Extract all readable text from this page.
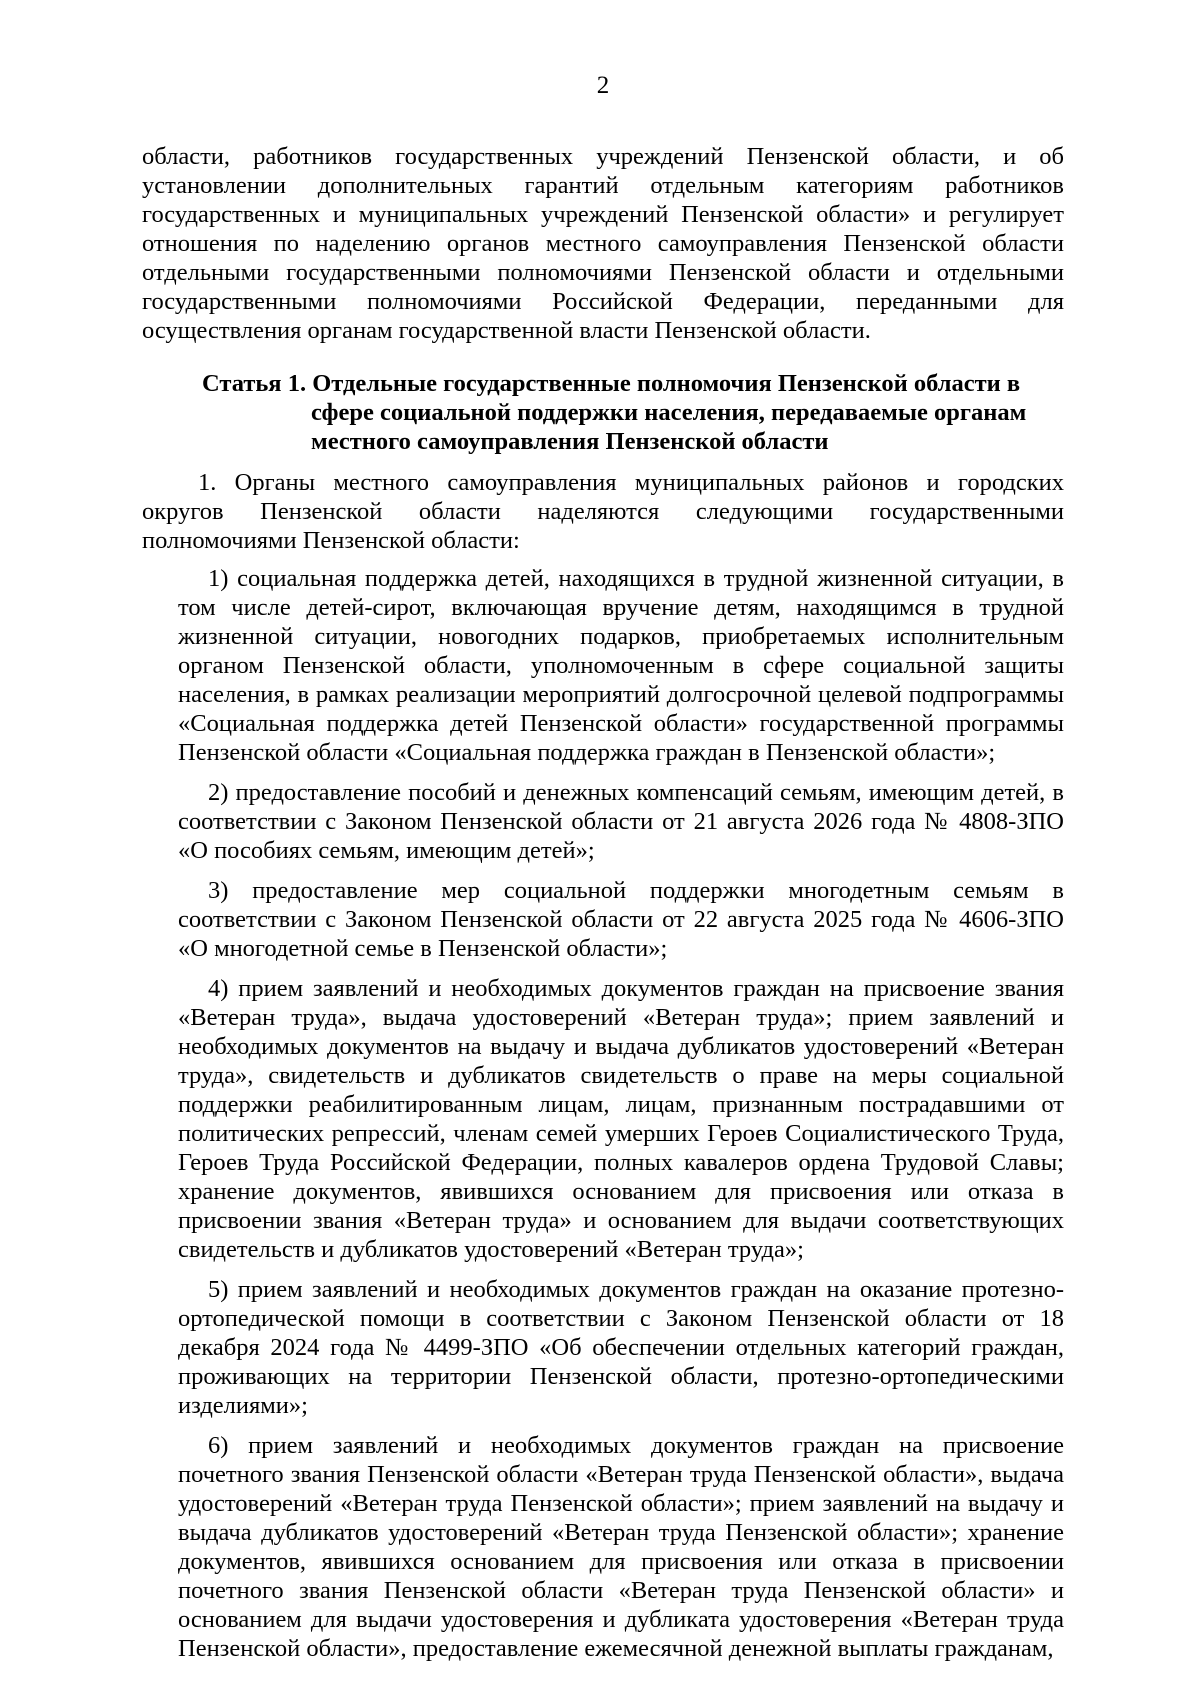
2

области, работников государственных учреждений Пензенской области, и об установлении дополнительных гарантий отдельным категориям работников государственных и муниципальных учреждений Пензенской области» и регулирует отношения по наделению органов местного самоуправления Пензенской области отдельными государственными полномочиями Пензенской области и отдельными государственными полномочиями Российской Федерации, переданными для осуществления органам государственной власти Пензенской области.

Статья 1. Отдельные государственные полномочия Пензенской области в
сфере социальной поддержки населения, передаваемые органам
местного самоуправления Пензенской области

1. Органы местного самоуправления муниципальных районов и городских округов Пензенской области наделяются следующими государственными полномочиями Пензенской области:

1) социальная поддержка детей, находящихся в трудной жизненной ситуации, в том числе детей-сирот, включающая вручение детям, находящимся в трудной жизненной ситуации, новогодних подарков, приобретаемых исполнительным органом Пензенской области, уполномоченным в сфере социальной защиты населения, в рамках реализации мероприятий долгосрочной целевой подпрограммы «Социальная поддержка детей Пензенской области» государственной программы Пензенской области «Социальная поддержка граждан в Пензенской области»;

2) предоставление пособий и денежных компенсаций семьям, имеющим детей, в соответствии с Законом Пензенской области от 21 августа 2026 года № 4808-ЗПО «О пособиях семьям, имеющим детей»;

3) предоставление мер социальной поддержки многодетным семьям в соответствии с Законом Пензенской области от 22 августа 2025 года № 4606-ЗПО «О многодетной семье в Пензенской области»;

4) прием заявлений и необходимых документов граждан на присвоение звания «Ветеран труда», выдача удостоверений «Ветеран труда»; прием заявлений и необходимых документов на выдачу и выдача дубликатов удостоверений «Ветеран труда», свидетельств и дубликатов свидетельств о праве на меры социальной поддержки реабилитированным лицам, лицам, признанным пострадавшими от политических репрессий, членам семей умерших Героев Социалистического Труда, Героев Труда Российской Федерации, полных кавалеров ордена Трудовой Славы; хранение документов, явившихся основанием для присвоения или отказа в присвоении звания «Ветеран труда» и основанием для выдачи соответствующих свидетельств и дубликатов удостоверений «Ветеран труда»;

5) прием заявлений и необходимых документов граждан на оказание протезно-ортопедической помощи в соответствии с Законом Пензенской области от 18 декабря 2024 года № 4499-ЗПО «Об обеспечении отдельных категорий граждан, проживающих на территории Пензенской области, протезно-ортопедическими изделиями»;

6) прием заявлений и необходимых документов граждан на присвоение почетного звания Пензенской области «Ветеран труда Пензенской области», выдача удостоверений «Ветеран труда Пензенской области»; прием заявлений на выдачу и выдача дубликатов удостоверений «Ветеран труда Пензенской области»; хранение документов, явившихся основанием для присвоения или отказа в присвоении почетного звания Пензенской области «Ветеран труда Пензенской области» и основанием для выдачи удостоверения и дубликата удостоверения «Ветеран труда Пензенской области», предоставление ежемесячной денежной выплаты гражданам,
